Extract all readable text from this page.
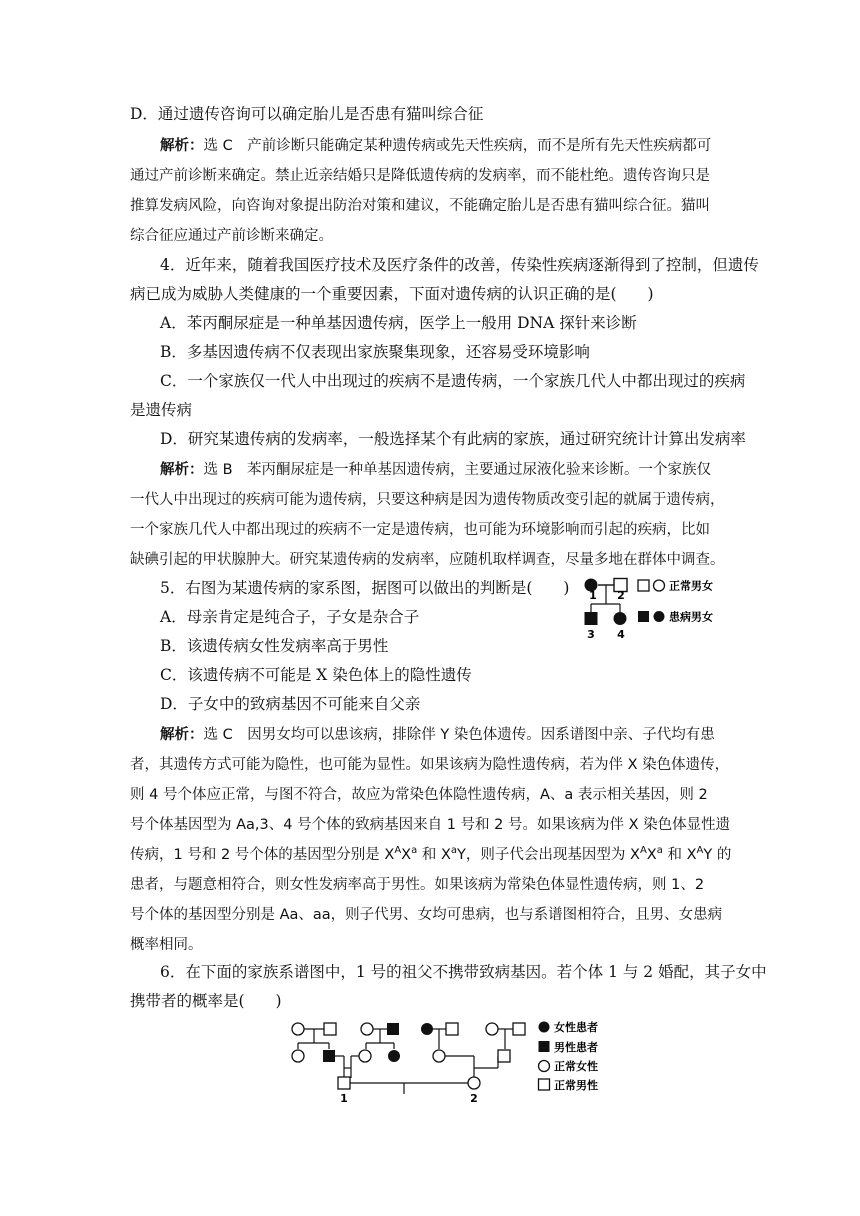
D．通过遗传咨询可以确定胎儿是否患有猫叫综合征
解析：选 C　产前诊断只能确定某种遗传病或先天性疾病，而不是所有先天性疾病都可
通过产前诊断来确定。禁止近亲结婚只是降低遗传病的发病率，而不能杜绝。遗传咨询只是
推算发病风险，向咨询对象提出防治对策和建议，不能确定胎儿是否患有猫叫综合征。猫叫
综合征应通过产前诊断来确定。
4．近年来，随着我国医疗技术及医疗条件的改善，传染性疾病逐渐得到了控制，但遗传
病已成为威胁人类健康的一个重要因素，下面对遗传病的认识正确的是(　　)
A．苯丙酮尿症是一种单基因遗传病，医学上一般用 DNA 探针来诊断
B．多基因遗传病不仅表现出家族聚集现象，还容易受环境影响
C．一个家族仅一代人中出现过的疾病不是遗传病，一个家族几代人中都出现过的疾病
是遗传病
D．研究某遗传病的发病率，一般选择某个有此病的家族，通过研究统计计算出发病率
解析：选 B　苯丙酮尿症是一种单基因遗传病，主要通过尿液化验来诊断。一个家族仅
一代人中出现过的疾病可能为遗传病，只要这种病是因为遗传物质改变引起的就属于遗传病，
一个家族几代人中都出现过的疾病不一定是遗传病，也可能为环境影响而引起的疾病，比如
缺碘引起的甲状腺肿大。研究某遗传病的发病率，应随机取样调查，尽量多地在群体中调查。
5．右图为某遗传病的家系图，据图可以做出的判断是(　　)
A．母亲肯定是纯合子，子女是杂合子
B．该遗传病女性发病率高于男性
C．该遗传病不可能是 X 染色体上的隐性遗传
D．子女中的致病基因不可能来自父亲
1 2
3 4
正常男女
患病男女
解析：选 C　因男女均可以患该病，排除伴 Y 染色体遗传。因系谱图中亲、子代均有患
者，其遗传方式可能为隐性，也可能为显性。如果该病为隐性遗传病，若为伴 X 染色体遗传，
则 4 号个体应正常，与图不符合，故应为常染色体隐性遗传病，A、a 表示相关基因，则 2
号个体基因型为 Aa,3、4 号个体的致病基因来自 1 号和 2 号。如果该病为伴 X 染色体显性遗
传病，1 号和 2 号个体的基因型分别是 $X^AX^a$ 和 $X^aY$，则子代会出现基因型为 $X^AX^a$ 和 $X^AY$ 的
患者，与题意相符合，则女性发病率高于男性。如果该病为常染色体显性遗传病，则 1、2
号个体的基因型分别是 Aa、aa，则子代男、女均可患病，也与系谱图相符合，且男、女患病
概率相同。
6．在下面的家族系谱图中，1 号的祖父不携带致病基因。若个体 1 与 2 婚配，其子女中
携带者的概率是(　　)
1	2
女性患者
男性患者
正常女性
正常男性
